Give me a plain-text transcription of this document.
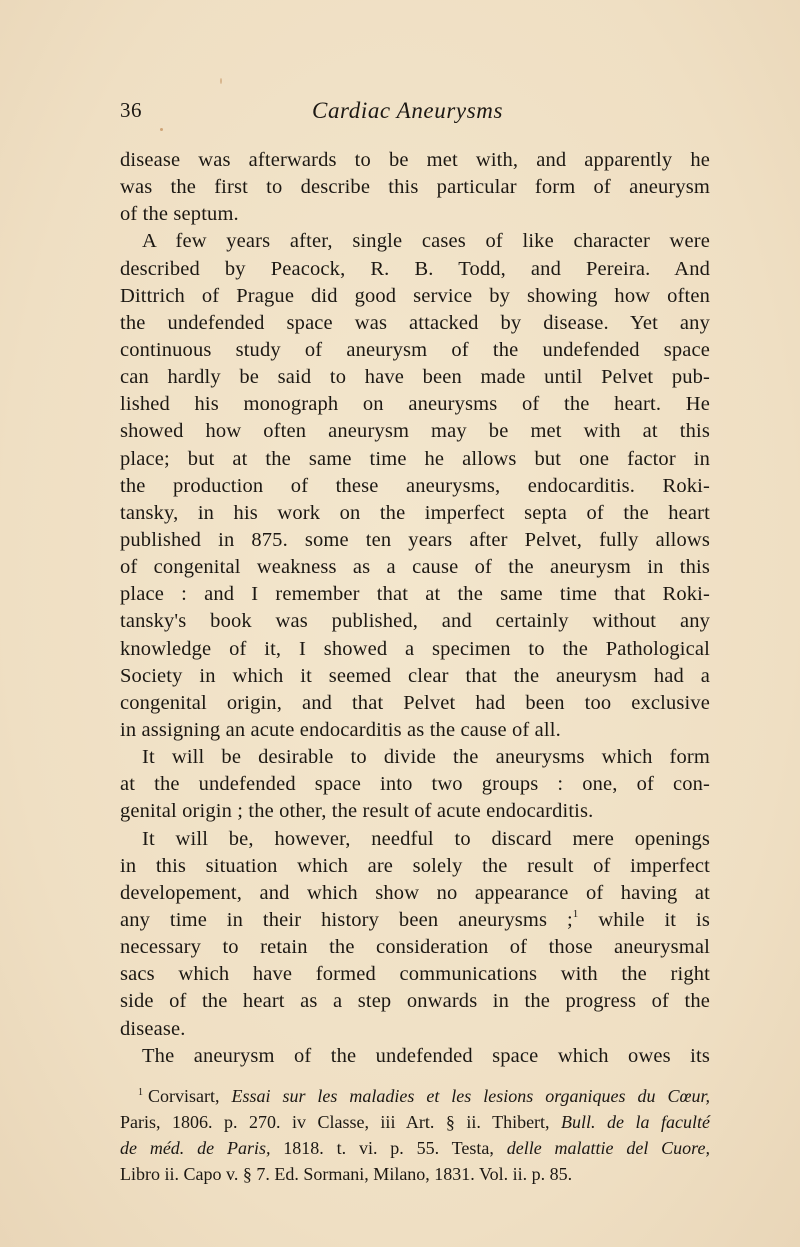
36	Cardiac Aneurysms
disease was afterwards to be met with, and apparently he
was the first to describe this particular form of aneurysm
of the septum.
A few years after, single cases of like character were
described by Peacock, R. B. Todd, and Pereira. And
Dittrich of Prague did good service by showing how often
the undefended space was attacked by disease. Yet any
continuous study of aneurysm of the undefended space
can hardly be said to have been made until Pelvet pub-
lished his monograph on aneurysms of the heart. He
showed how often aneurysm may be met with at this
place; but at the same time he allows but one factor in
the production of these aneurysms, endocarditis. Roki-
tansky, in his work on the imperfect septa of the heart
published in 875. some ten years after Pelvet, fully allows
of congenital weakness as a cause of the aneurysm in this
place : and I remember that at the same time that Roki-
tansky's book was published, and certainly without any
knowledge of it, I showed a specimen to the Pathological
Society in which it seemed clear that the aneurysm had a
congenital origin, and that Pelvet had been too exclusive
in assigning an acute endocarditis as the cause of all.
It will be desirable to divide the aneurysms which form
at the undefended space into two groups : one, of con-
genital origin ; the other, the result of acute endocarditis.
It will be, however, needful to discard mere openings
in this situation which are solely the result of imperfect
developement, and which show no appearance of having at
any time in their history been aneurysms ;$^1$ while it is
necessary to retain the consideration of those aneurysmal
sacs which have formed communications with the right
side of the heart as a step onwards in the progress of the
disease.
The aneurysm of the undefended space which owes its
$^1$ Corvisart, Essai sur les maladies et les lesions organiques du Cœur,
Paris, 1806. p. 270. iv Classe, iii Art. § ii. Thibert, Bull. de la faculté
de méd. de Paris, 1818. t. vi. p. 55. Testa, delle malattie del Cuore,
Libro ii. Capo v. § 7. Ed. Sormani, Milano, 1831. Vol. ii. p. 85.
